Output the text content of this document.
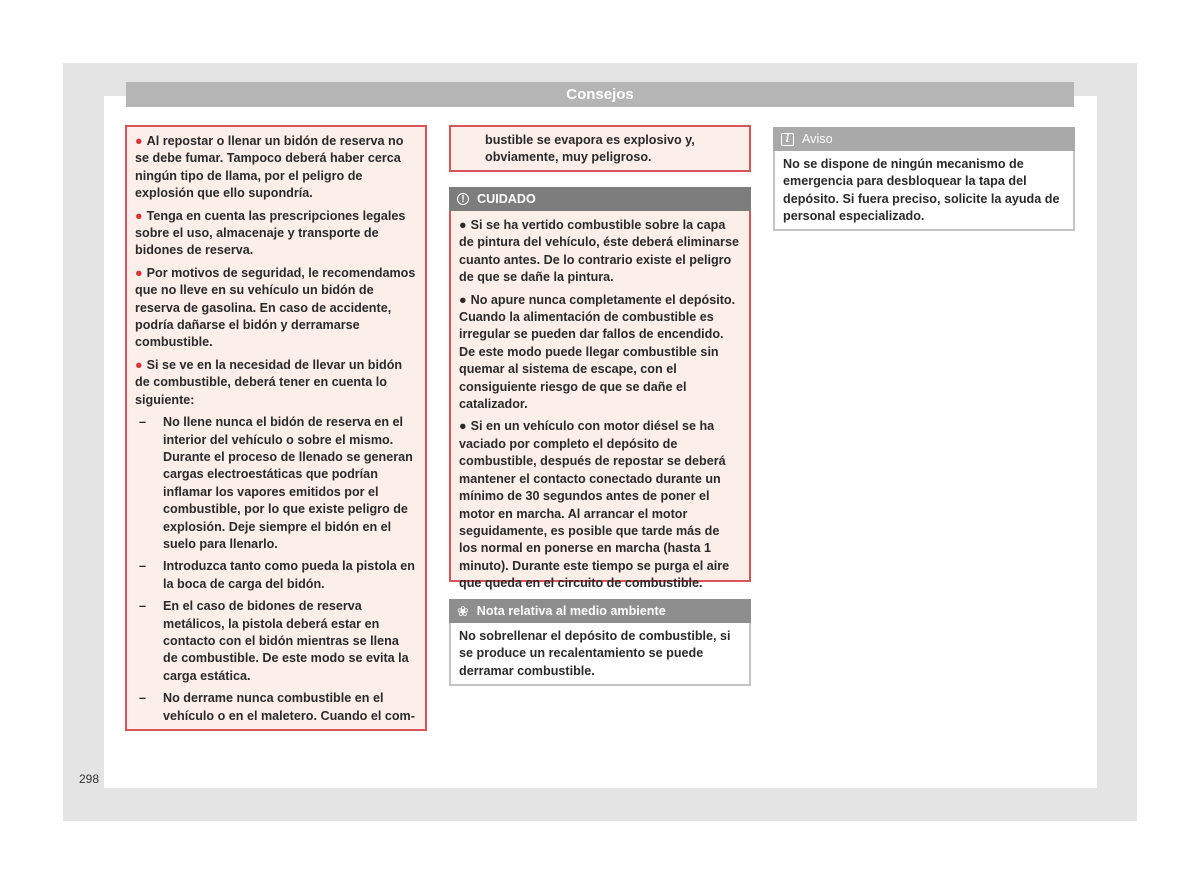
Consejos

● Al repostar o llenar un bidón de reserva no se debe fumar. Tampoco deberá haber cerca ningún tipo de llama, por el peligro de explosión que ello supondría.

● Tenga en cuenta las prescripciones legales sobre el uso, almacenaje y transporte de bidones de reserva.

● Por motivos de seguridad, le recomendamos que no lleve en su vehículo un bidón de reserva de gasolina. En caso de accidente, podría dañarse el bidón y derramarse combustible.

● Si se ve en la necesidad de llevar un bidón de combustible, deberá tener en cuenta lo siguiente:

–	No llene nunca el bidón de reserva en el interior del vehículo o sobre el mismo. Durante el proceso de llenado se generan cargas electroestáticas que podrían inflamar los vapores emitidos por el combustible, por lo que existe peligro de explosión. Deje siempre el bidón en el suelo para llenarlo.
–	Introduzca tanto como pueda la pistola en la boca de carga del bidón.
–	En el caso de bidones de reserva metálicos, la pistola deberá estar en contacto con el bidón mientras se llena de combustible. De este modo se evita la carga estática.
–	No derrame nunca combustible en el vehículo o en el maletero. Cuando el com-

bustible se evapora es explosivo y, obviamente, muy peligroso.

! CUIDADO

● Si se ha vertido combustible sobre la capa de pintura del vehículo, éste deberá eliminarse cuanto antes. De lo contrario existe el peligro de que se dañe la pintura.

● No apure nunca completamente el depósito. Cuando la alimentación de combustible es irregular se pueden dar fallos de encendido. De este modo puede llegar combustible sin quemar al sistema de escape, con el consiguiente riesgo de que se dañe el catalizador.

● Si en un vehículo con motor diésel se ha vaciado por completo el depósito de combustible, después de repostar se deberá mantener el contacto conectado durante un mínimo de 30 segundos antes de poner el motor en marcha. Al arrancar el motor seguidamente, es posible que tarde más de los normal en ponerse en marcha (hasta 1 minuto). Durante este tiempo se purga el aire que queda en el circuito de combustible.

❀ Nota relativa al medio ambiente

No sobrellenar el depósito de combustible, si se produce un recalentamiento se puede derramar combustible.

i Aviso

No se dispone de ningún mecanismo de emergencia para desbloquear la tapa del depósito. Si fuera preciso, solicite la ayuda de personal especializado.

298
